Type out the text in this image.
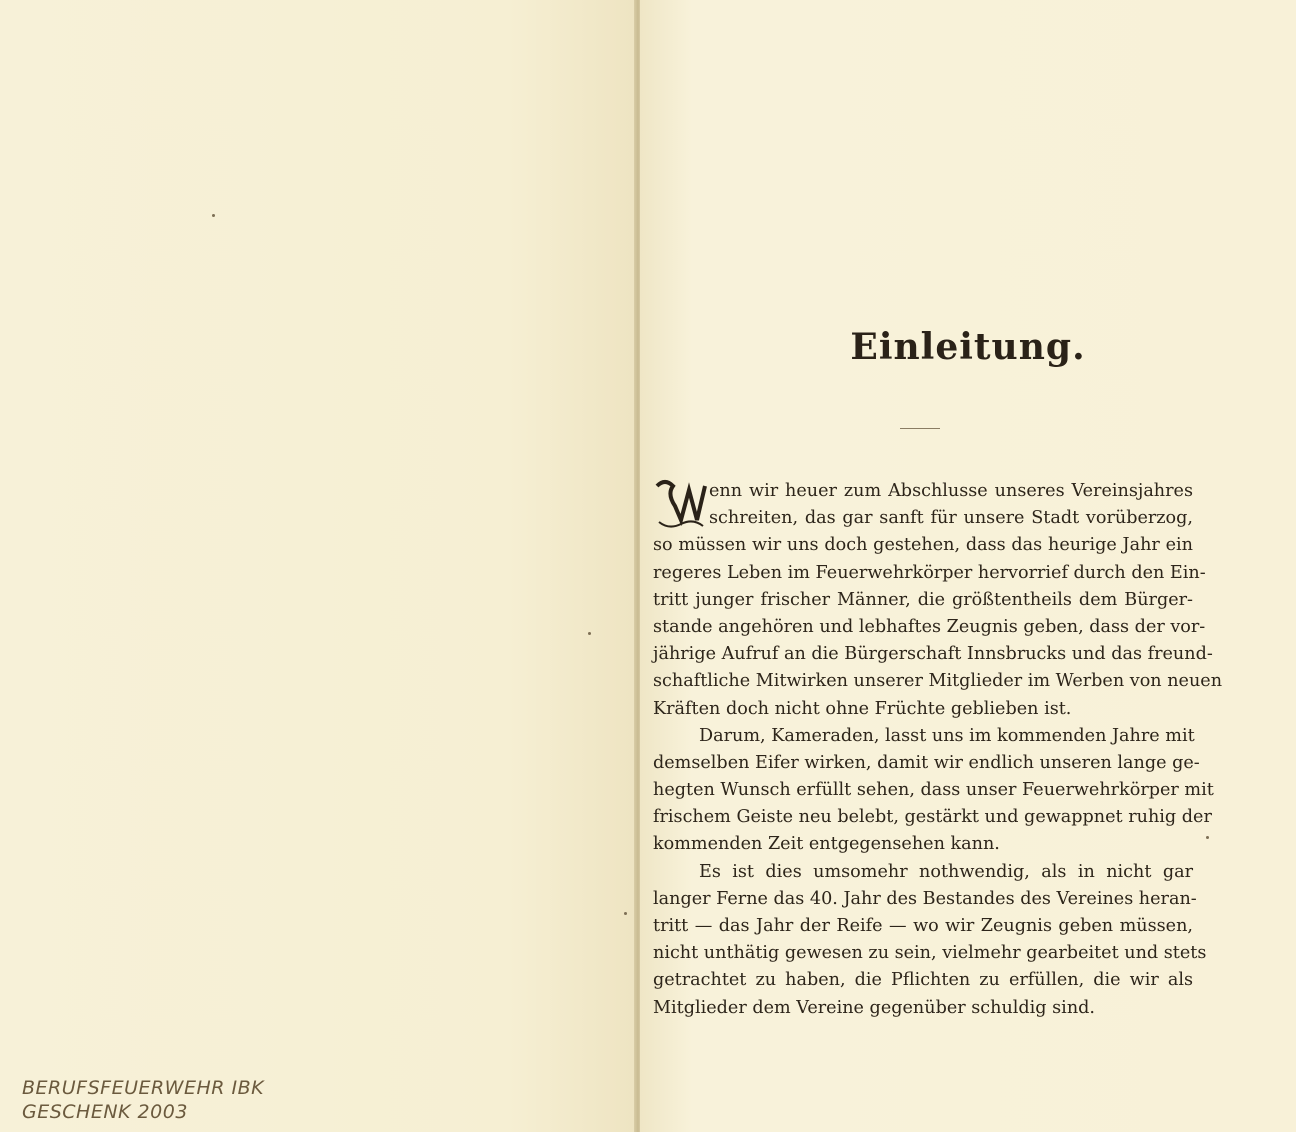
Einleitung.
enn wir heuer zum Abschlusse unseres Vereinsjahres
schreiten, das gar sanft für unsere Stadt vorüberzog,
so müssen wir uns doch gestehen, dass das heurige Jahr ein
regeres Leben im Feuerwehrkörper hervorrief durch den Ein-
tritt junger frischer Männer, die größtentheils dem Bürger-
stande angehören und lebhaftes Zeugnis geben, dass der vor-
jährige Aufruf an die Bürgerschaft Innsbrucks und das freund-
schaftliche Mitwirken unserer Mitglieder im Werben von neuen
Kräften doch nicht ohne Früchte geblieben ist.
Darum, Kameraden, lasst uns im kommenden Jahre mit
demselben Eifer wirken, damit wir endlich unseren lange ge-
hegten Wunsch erfüllt sehen, dass unser Feuerwehrkörper mit
frischem Geiste neu belebt, gestärkt und gewappnet ruhig der
kommenden Zeit entgegensehen kann.
Es ist dies umsomehr nothwendig, als in nicht gar
langer Ferne das 40. Jahr des Bestandes des Vereines heran-
tritt — das Jahr der Reife — wo wir Zeugnis geben müssen,
nicht unthätig gewesen zu sein, vielmehr gearbeitet und stets
getrachtet zu haben, die Pflichten zu erfüllen, die wir als
Mitglieder dem Vereine gegenüber schuldig sind.
BERUFSFEUERWEHR IBK
GESCHENK 2003
